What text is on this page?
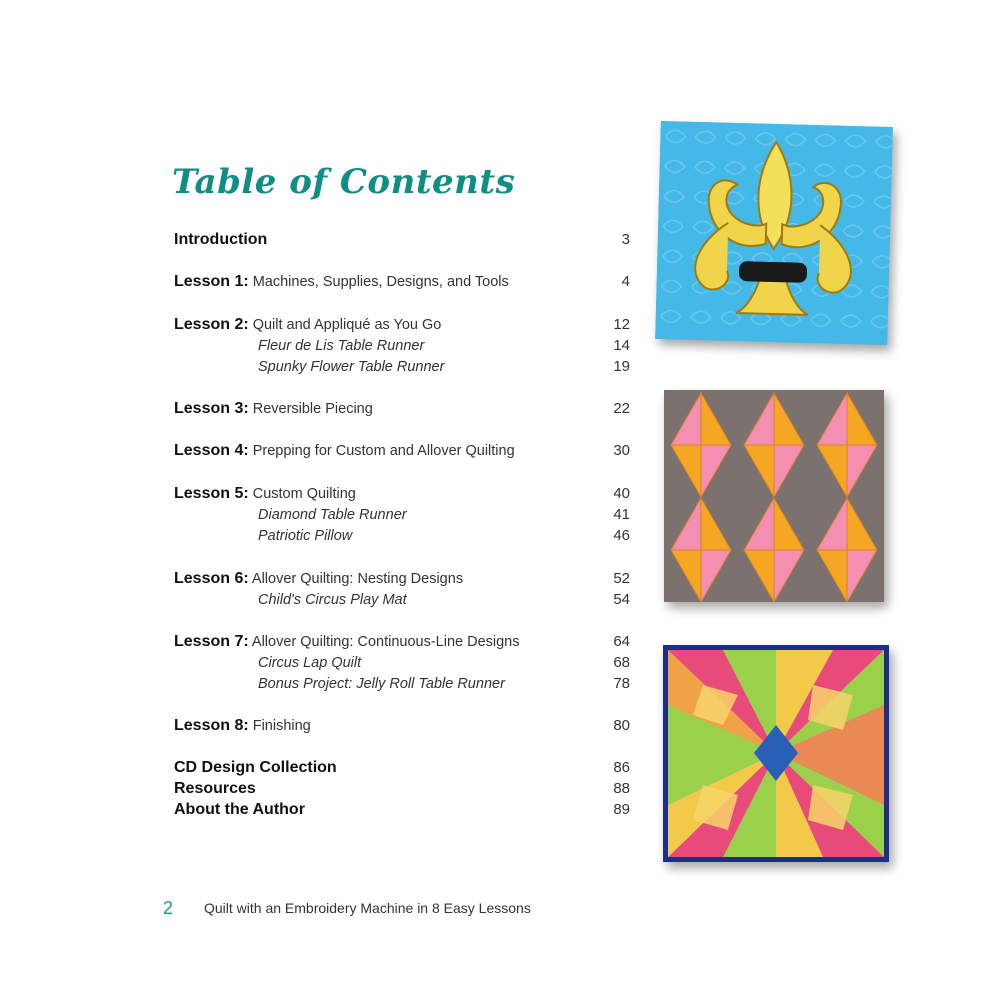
Table of Contents
Introduction	3
Lesson 1: Machines, Supplies, Designs, and Tools	4
Lesson 2: Quilt and Appliqué as You Go	12
Fleur de Lis Table Runner	14
Spunky Flower Table Runner	19
Lesson 3: Reversible Piecing	22
Lesson 4: Prepping for Custom and Allover Quilting	30
Lesson 5: Custom Quilting	40
Diamond Table Runner	41
Patriotic Pillow	46
Lesson 6: Allover Quilting: Nesting Designs	52
Child's Circus Play Mat	54
Lesson 7: Allover Quilting: Continuous-Line Designs	64
Circus Lap Quilt	68
Bonus Project: Jelly Roll Table Runner	78
Lesson 8: Finishing	80
CD Design Collection	86
Resources	88
About the Author	89
2 Quilt with an Embroidery Machine in 8 Easy Lessons
